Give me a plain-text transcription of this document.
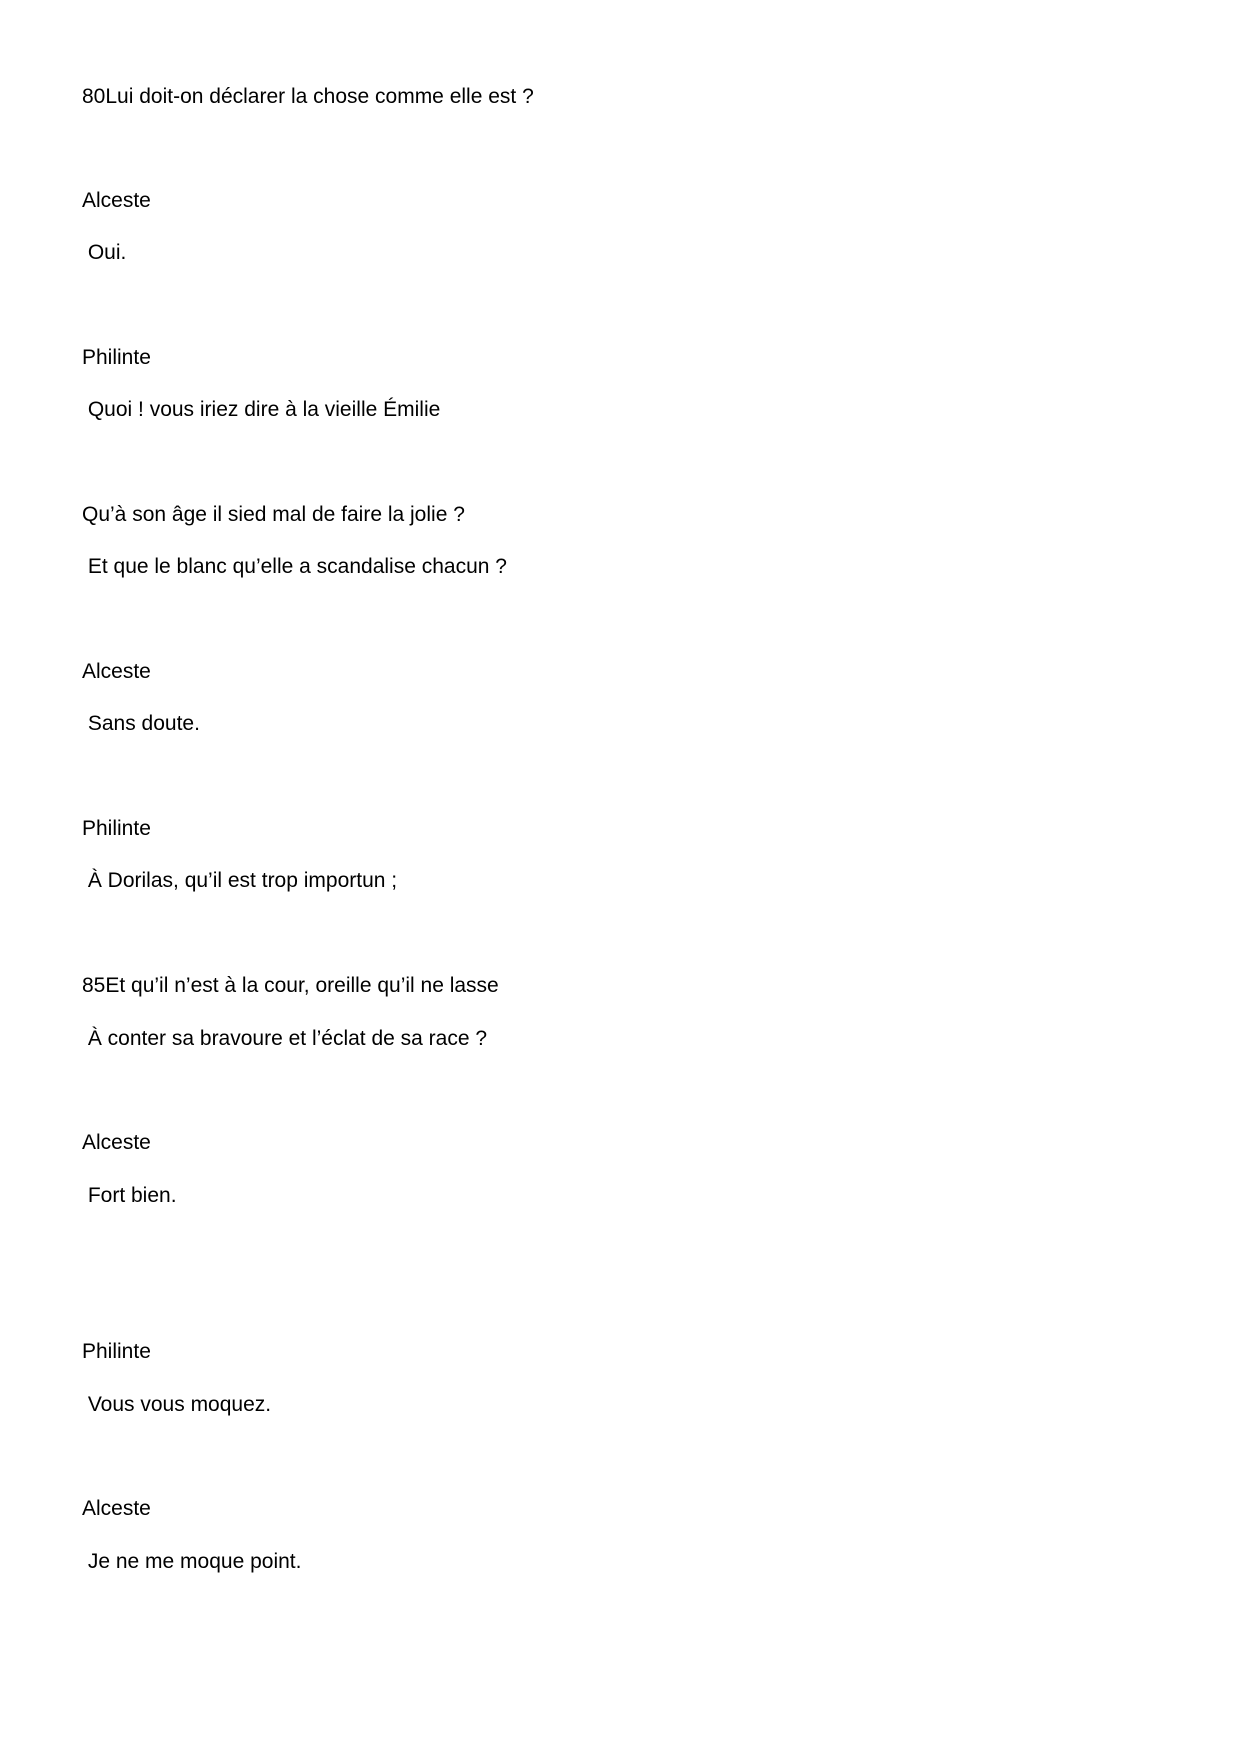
80Lui doit-on déclarer la chose comme elle est ?
Alceste
Oui.
Philinte
Quoi ! vous iriez dire à la vieille Émilie
Qu’à son âge il sied mal de faire la jolie ?
Et que le blanc qu’elle a scandalise chacun ?
Alceste
Sans doute.
Philinte
À Dorilas, qu’il est trop importun ;
85Et qu’il n’est à la cour, oreille qu’il ne lasse
À conter sa bravoure et l’éclat de sa race ?
Alceste
Fort bien.
Philinte
Vous vous moquez.
Alceste
Je ne me moque point.
